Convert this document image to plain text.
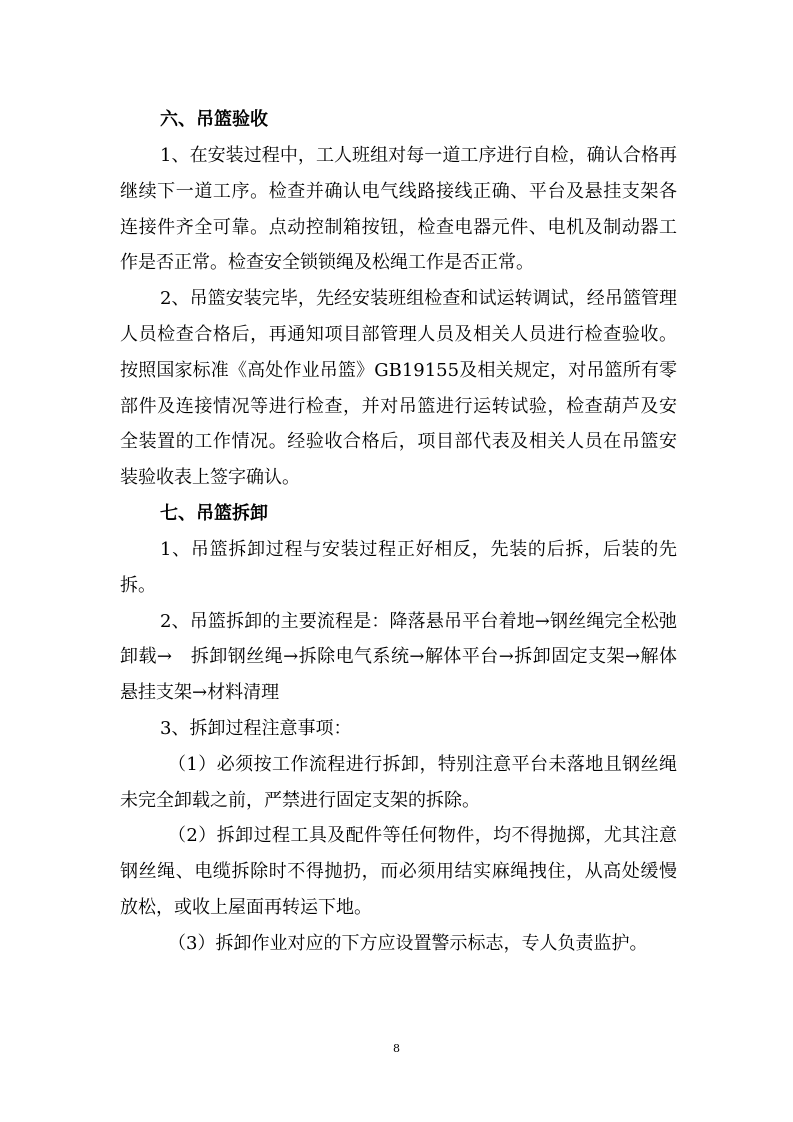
六、吊篮验收

1、在安装过程中，工人班组对每一道工序进行自检，确认合格再继续下一道工序。检查并确认电气线路接线正确、平台及悬挂支架各连接件齐全可靠。点动控制箱按钮，检查电器元件、电机及制动器工作是否正常。检查安全锁锁绳及松绳工作是否正常。

2、吊篮安装完毕，先经安装班组检查和试运转调试，经吊篮管理人员检查合格后，再通知项目部管理人员及相关人员进行检查验收。按照国家标准《高处作业吊篮》GB19155及相关规定，对吊篮所有零部件及连接情况等进行检查，并对吊篮进行运转试验，检查葫芦及安全装置的工作情况。经验收合格后，项目部代表及相关人员在吊篮安装验收表上签字确认。

七、吊篮拆卸

1、吊篮拆卸过程与安装过程正好相反，先装的后拆，后装的先拆。

2、吊篮拆卸的主要流程是：降落悬吊平台着地→钢丝绳完全松弛卸载→　拆卸钢丝绳→拆除电气系统→解体平台→拆卸固定支架→解体悬挂支架→材料清理

3、拆卸过程注意事项：

（1）必须按工作流程进行拆卸，特别注意平台未落地且钢丝绳未完全卸载之前，严禁进行固定支架的拆除。

（2）拆卸过程工具及配件等任何物件，均不得抛掷，尤其注意钢丝绳、电缆拆除时不得抛扔，而必须用结实麻绳拽住，从高处缓慢放松，或收上屋面再转运下地。

（3）拆卸作业对应的下方应设置警示标志，专人负责监护。

8
